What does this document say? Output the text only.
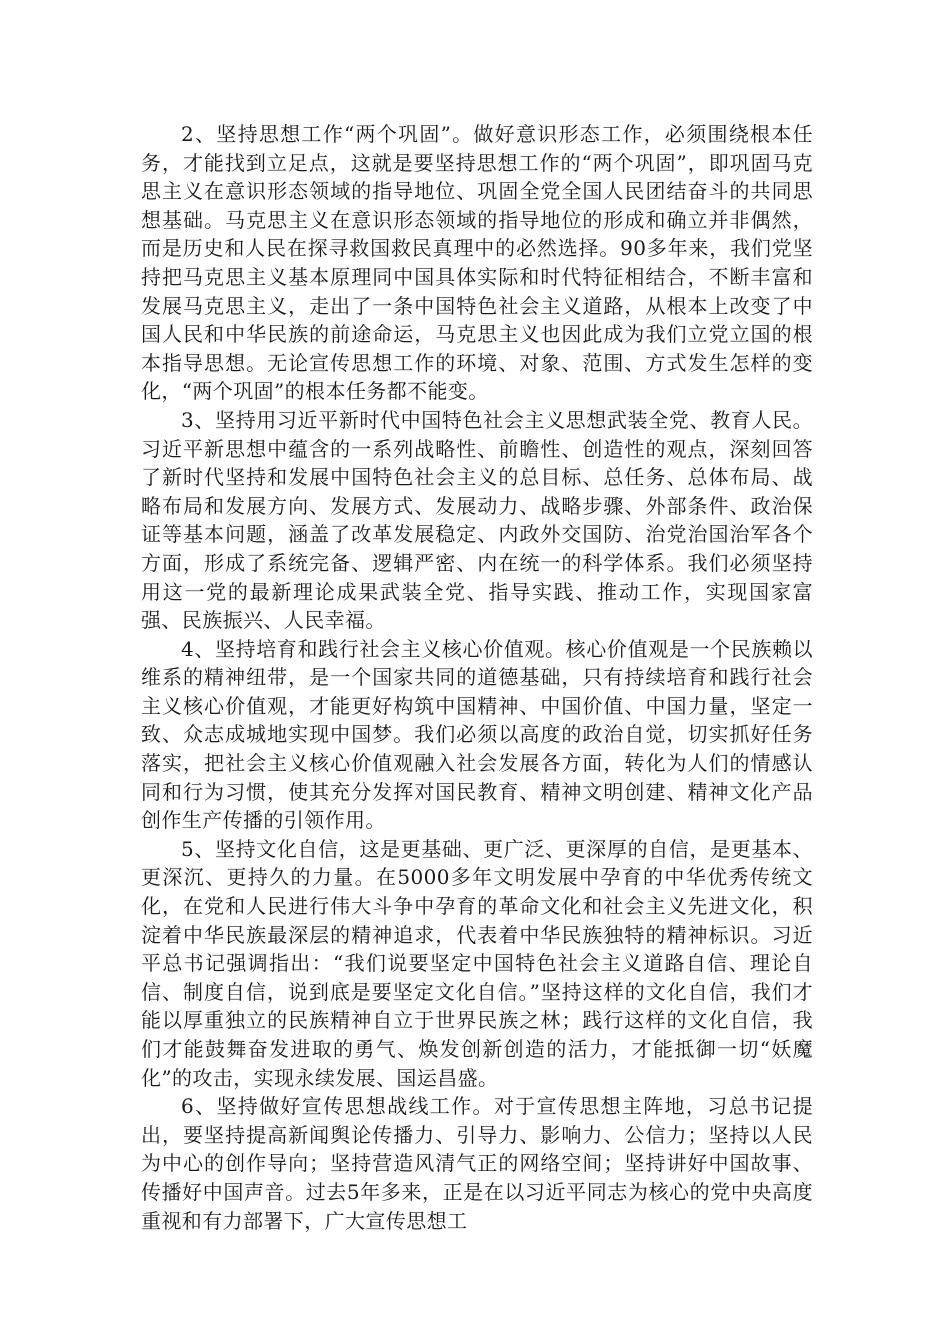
2、坚持思想工作“两个巩固”。做好意识形态工作，必须围绕根本任务，才能找到立足点，这就是要坚持思想工作的“两个巩固”，即巩固马克思主义在意识形态领域的指导地位、巩固全党全国人民团结奋斗的共同思想基础。马克思主义在意识形态领域的指导地位的形成和确立并非偶然，而是历史和人民在探寻救国救民真理中的必然选择。90多年来，我们党坚持把马克思主义基本原理同中国具体实际和时代特征相结合，不断丰富和发展马克思主义，走出了一条中国特色社会主义道路，从根本上改变了中国人民和中华民族的前途命运，马克思主义也因此成为我们立党立国的根本指导思想。无论宣传思想工作的环境、对象、范围、方式发生怎样的变化，“两个巩固”的根本任务都不能变。

3、坚持用习近平新时代中国特色社会主义思想武装全党、教育人民。习近平新思想中蕴含的一系列战略性、前瞻性、创造性的观点，深刻回答了新时代坚持和发展中国特色社会主义的总目标、总任务、总体布局、战略布局和发展方向、发展方式、发展动力、战略步骤、外部条件、政治保证等基本问题，涵盖了改革发展稳定、内政外交国防、治党治国治军各个方面，形成了系统完备、逻辑严密、内在统一的科学体系。我们必须坚持用这一党的最新理论成果武装全党、指导实践、推动工作，实现国家富强、民族振兴、人民幸福。

4、坚持培育和践行社会主义核心价值观。核心价值观是一个民族赖以维系的精神纽带，是一个国家共同的道德基础，只有持续培育和践行社会主义核心价值观，才能更好构筑中国精神、中国价值、中国力量，坚定一致、众志成城地实现中国梦。我们必须以高度的政治自觉，切实抓好任务落实，把社会主义核心价值观融入社会发展各方面，转化为人们的情感认同和行为习惯，使其充分发挥对国民教育、精神文明创建、精神文化产品创作生产传播的引领作用。

5、坚持文化自信，这是更基础、更广泛、更深厚的自信，是更基本、更深沉、更持久的力量。在5000多年文明发展中孕育的中华优秀传统文化，在党和人民进行伟大斗争中孕育的革命文化和社会主义先进文化，积淀着中华民族最深层的精神追求，代表着中华民族独特的精神标识。习近平总书记强调指出：“我们说要坚定中国特色社会主义道路自信、理论自信、制度自信，说到底是要坚定文化自信。”坚持这样的文化自信，我们才能以厚重独立的民族精神自立于世界民族之林；践行这样的文化自信，我们才能鼓舞奋发进取的勇气、焕发创新创造的活力，才能抵御一切“妖魔化”的攻击，实现永续发展、国运昌盛。

6、坚持做好宣传思想战线工作。对于宣传思想主阵地，习总书记提出，要坚持提高新闻舆论传播力、引导力、影响力、公信力；坚持以人民为中心的创作导向；坚持营造风清气正的网络空间；坚持讲好中国故事、传播好中国声音。过去5年多来，正是在以习近平同志为核心的党中央高度重视和有力部署下，广大宣传思想工
